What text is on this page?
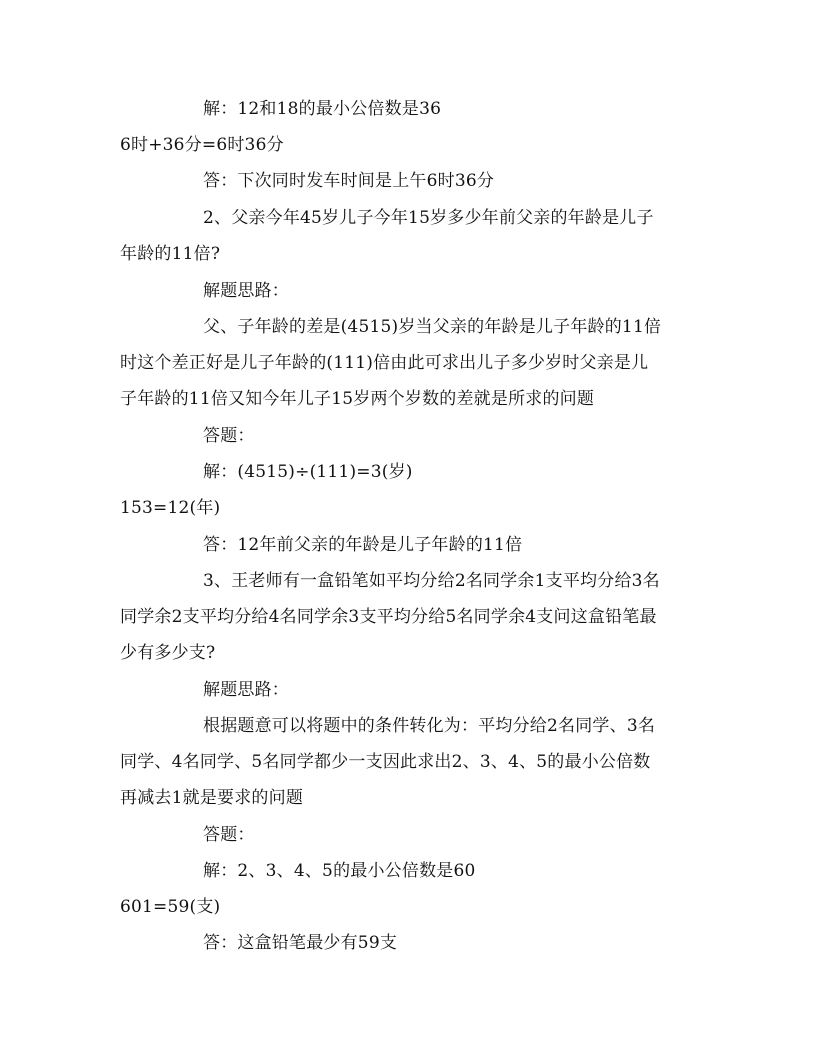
解：12和18的最小公倍数是36
6时+36分=6时36分
答：下次同时发车时间是上午6时36分
2、父亲今年45岁儿子今年15岁多少年前父亲的年龄是儿子
年龄的11倍?
解题思路：
父、子年龄的差是(4515)岁当父亲的年龄是儿子年龄的11倍
时这个差正好是儿子年龄的(111)倍由此可求出儿子多少岁时父亲是儿
子年龄的11倍又知今年儿子15岁两个岁数的差就是所求的问题
答题：
解：(4515)÷(111)=3(岁)
153=12(年)
答：12年前父亲的年龄是儿子年龄的11倍
3、王老师有一盒铅笔如平均分给2名同学余1支平均分给3名
同学余2支平均分给4名同学余3支平均分给5名同学余4支问这盒铅笔最
少有多少支?
解题思路：
根据题意可以将题中的条件转化为：平均分给2名同学、3名
同学、4名同学、5名同学都少一支因此求出2、3、4、5的最小公倍数
再减去1就是要求的问题
答题：
解：2、3、4、5的最小公倍数是60
601=59(支)
答：这盒铅笔最少有59支
